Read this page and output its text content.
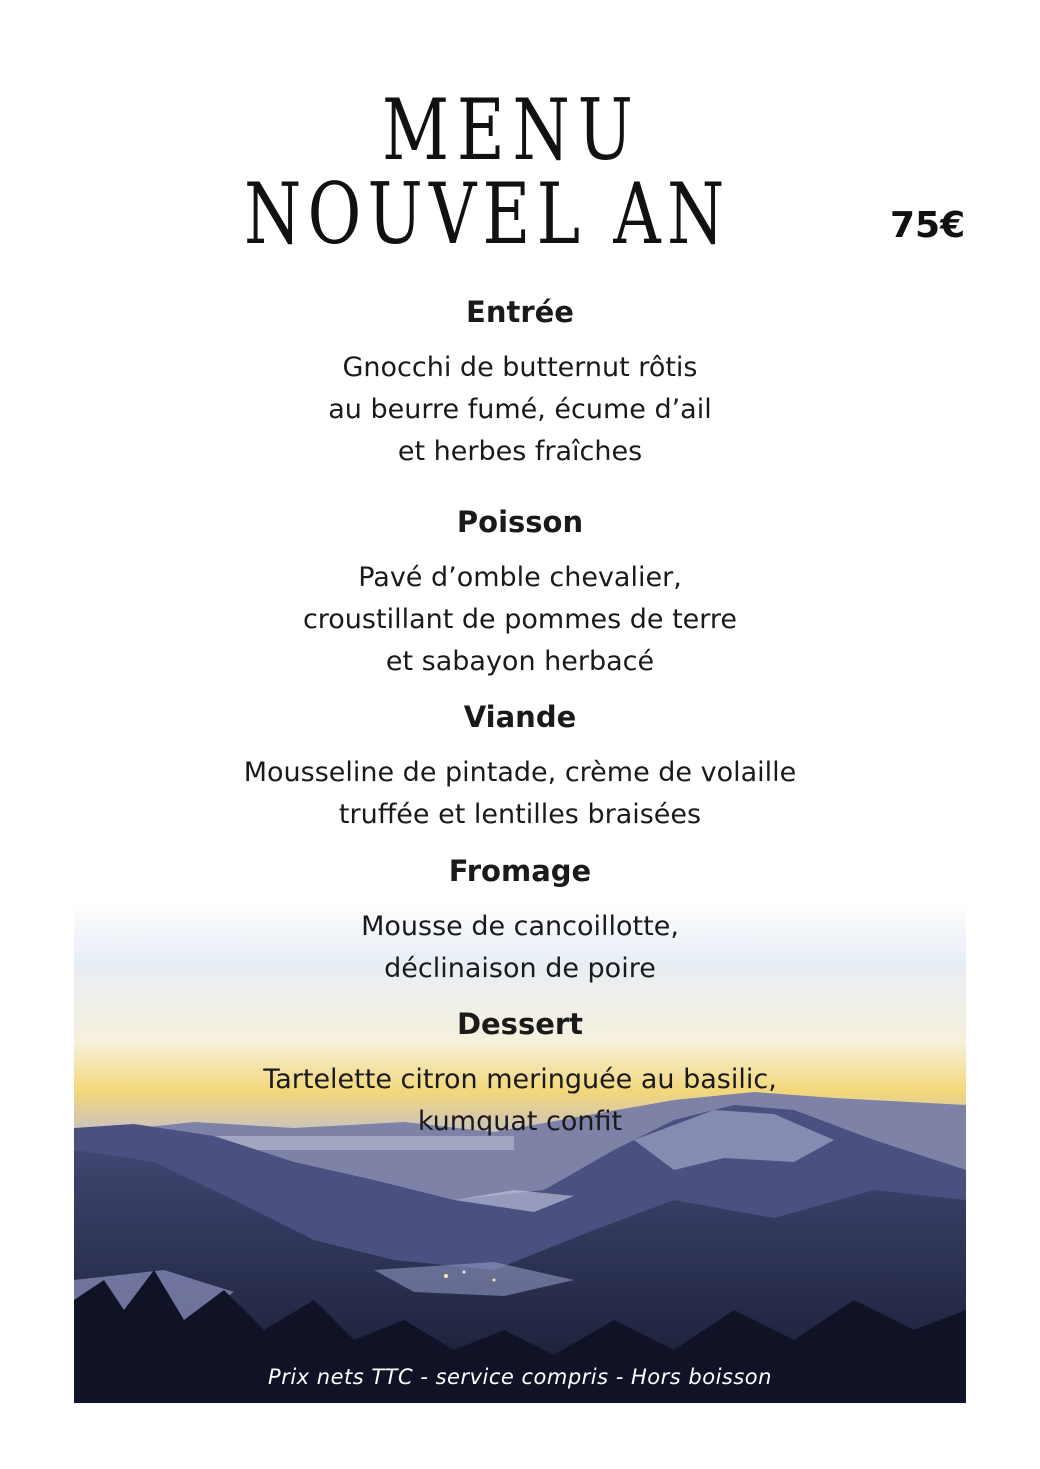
MENU
NOUVEL AN	75€
Entrée

Gnocchi de butternut rôtis
au beurre fumé, écume d’ail
et herbes fraîches

Poisson

Pavé d’omble chevalier,
croustillant de pommes de terre
et sabayon herbacé

Viande

Mousseline de pintade, crème de volaille
truffée et lentilles braisées

Fromage

Mousse de cancoillotte,
déclinaison de poire

Dessert

Tartelette citron meringuée au basilic,
kumquat confit

Prix nets TTC - service compris - Hors boisson
